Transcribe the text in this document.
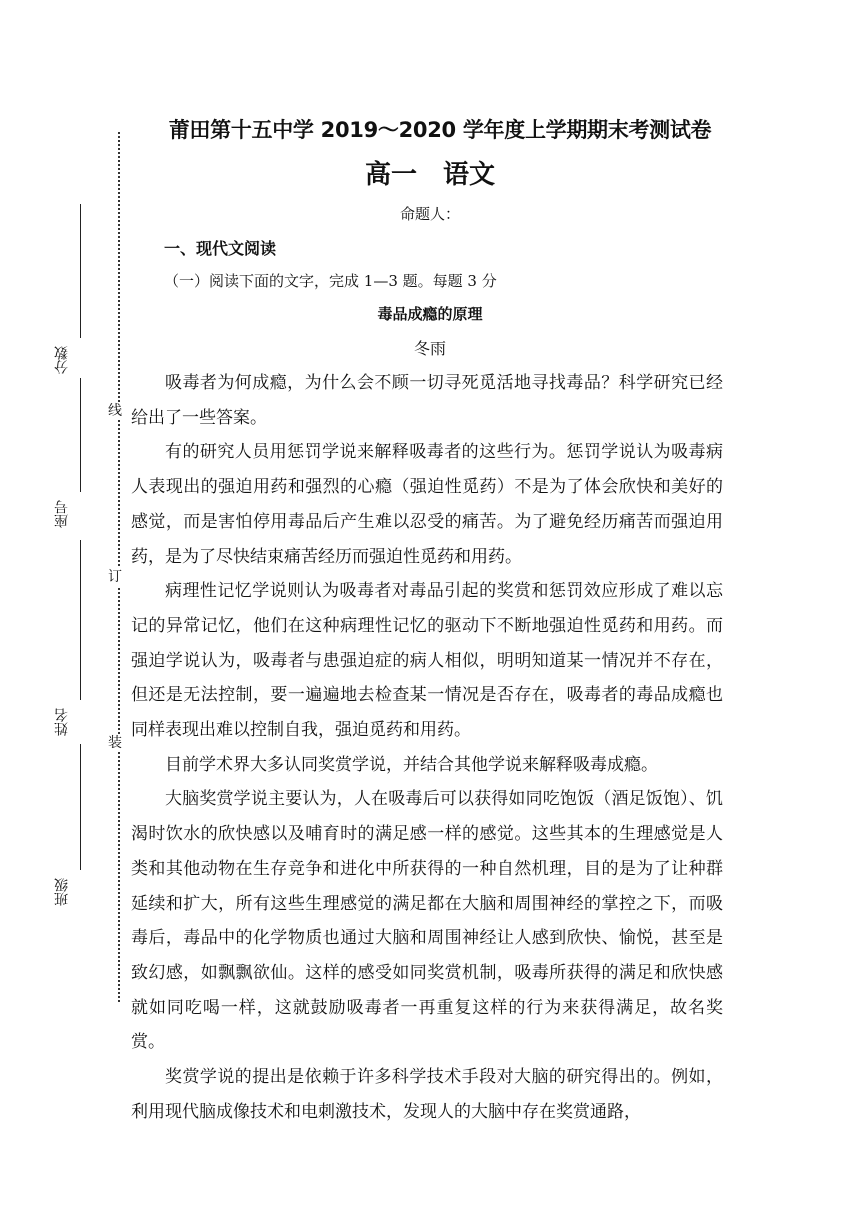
分数
座号
姓名
班级
线
订
装
莆田第十五中学 2019～2020 学年度上学期期末考测试卷
高一　语文
命题人：
一、现代文阅读
（一）阅读下面的文字，完成 1—3 题。每题 3 分
毒品成瘾的原理
冬雨

吸毒者为何成瘾，为什么会不顾一切寻死觅活地寻找毒品？科学研究已经给出了一些答案。

有的研究人员用惩罚学说来解释吸毒者的这些行为。惩罚学说认为吸毒病人表现出的强迫用药和强烈的心瘾（强迫性觅药）不是为了体会欣快和美好的感觉，而是害怕停用毒品后产生难以忍受的痛苦。为了避免经历痛苦而强迫用药，是为了尽快结束痛苦经历而强迫性觅药和用药。

病理性记忆学说则认为吸毒者对毒品引起的奖赏和惩罚效应形成了难以忘记的异常记忆，他们在这种病理性记忆的驱动下不断地强迫性觅药和用药。而强迫学说认为，吸毒者与患强迫症的病人相似，明明知道某一情况并不存在，但还是无法控制，要一遍遍地去检查某一情况是否存在，吸毒者的毒品成瘾也同样表现出难以控制自我，强迫觅药和用药。

目前学术界大多认同奖赏学说，并结合其他学说来解释吸毒成瘾。

大脑奖赏学说主要认为，人在吸毒后可以获得如同吃饱饭（酒足饭饱）、饥渴时饮水的欣快感以及哺育时的满足感一样的感觉。这些其本的生理感觉是人类和其他动物在生存竞争和进化中所获得的一种自然机理，目的是为了让种群延续和扩大，所有这些生理感觉的满足都在大脑和周围神经的掌控之下，而吸毒后，毒品中的化学物质也通过大脑和周围神经让人感到欣快、愉悦，甚至是致幻感，如飘飘欲仙。这样的感受如同奖赏机制，吸毒所获得的满足和欣快感就如同吃喝一样，这就鼓励吸毒者一再重复这样的行为来获得满足，故名奖赏。

奖赏学说的提出是依赖于许多科学技术手段对大脑的研究得出的。例如，利用现代脑成像技术和电刺激技术，发现人的大脑中存在奖赏通路，
